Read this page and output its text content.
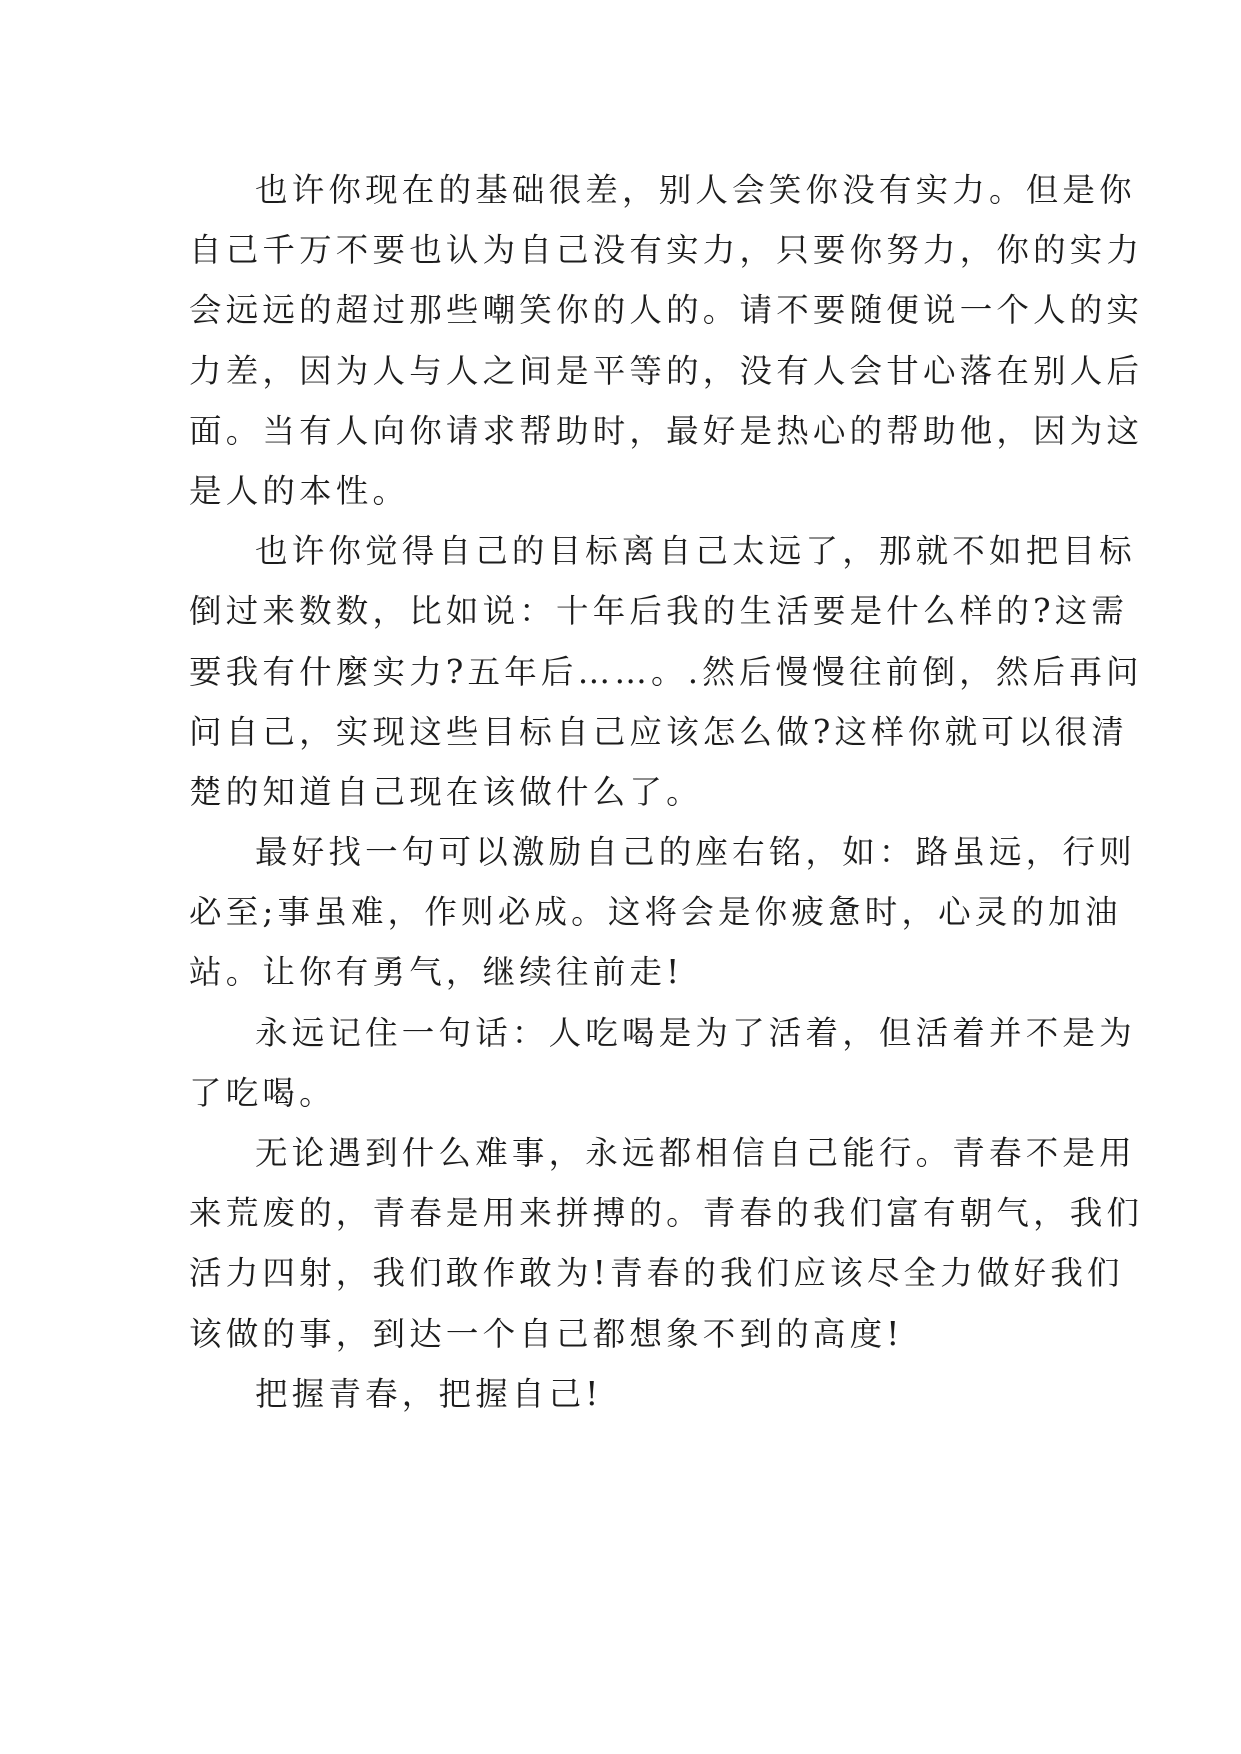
也许你现在的基础很差，别人会笑你没有实力。但是你
自己千万不要也认为自己没有实力，只要你努力，你的实力
会远远的超过那些嘲笑你的人的。请不要随便说一个人的实
力差，因为人与人之间是平等的，没有人会甘心落在别人后
面。当有人向你请求帮助时，最好是热心的帮助他，因为这
是人的本性。
也许你觉得自己的目标离自己太远了，那就不如把目标
倒过来数数，比如说：十年后我的生活要是什么样的?这需
要我有什麼实力?五年后……。.然后慢慢往前倒，然后再问
问自己，实现这些目标自己应该怎么做?这样你就可以很清
楚的知道自己现在该做什么了。
最好找一句可以激励自己的座右铭，如：路虽远，行则
必至;事虽难，作则必成。这将会是你疲惫时，心灵的加油
站。让你有勇气，继续往前走!
永远记住一句话：人吃喝是为了活着，但活着并不是为
了吃喝。
无论遇到什么难事，永远都相信自己能行。青春不是用
来荒废的，青春是用来拼搏的。青春的我们富有朝气，我们
活力四射，我们敢作敢为!青春的我们应该尽全力做好我们
该做的事，到达一个自己都想象不到的高度!
把握青春，把握自己!
